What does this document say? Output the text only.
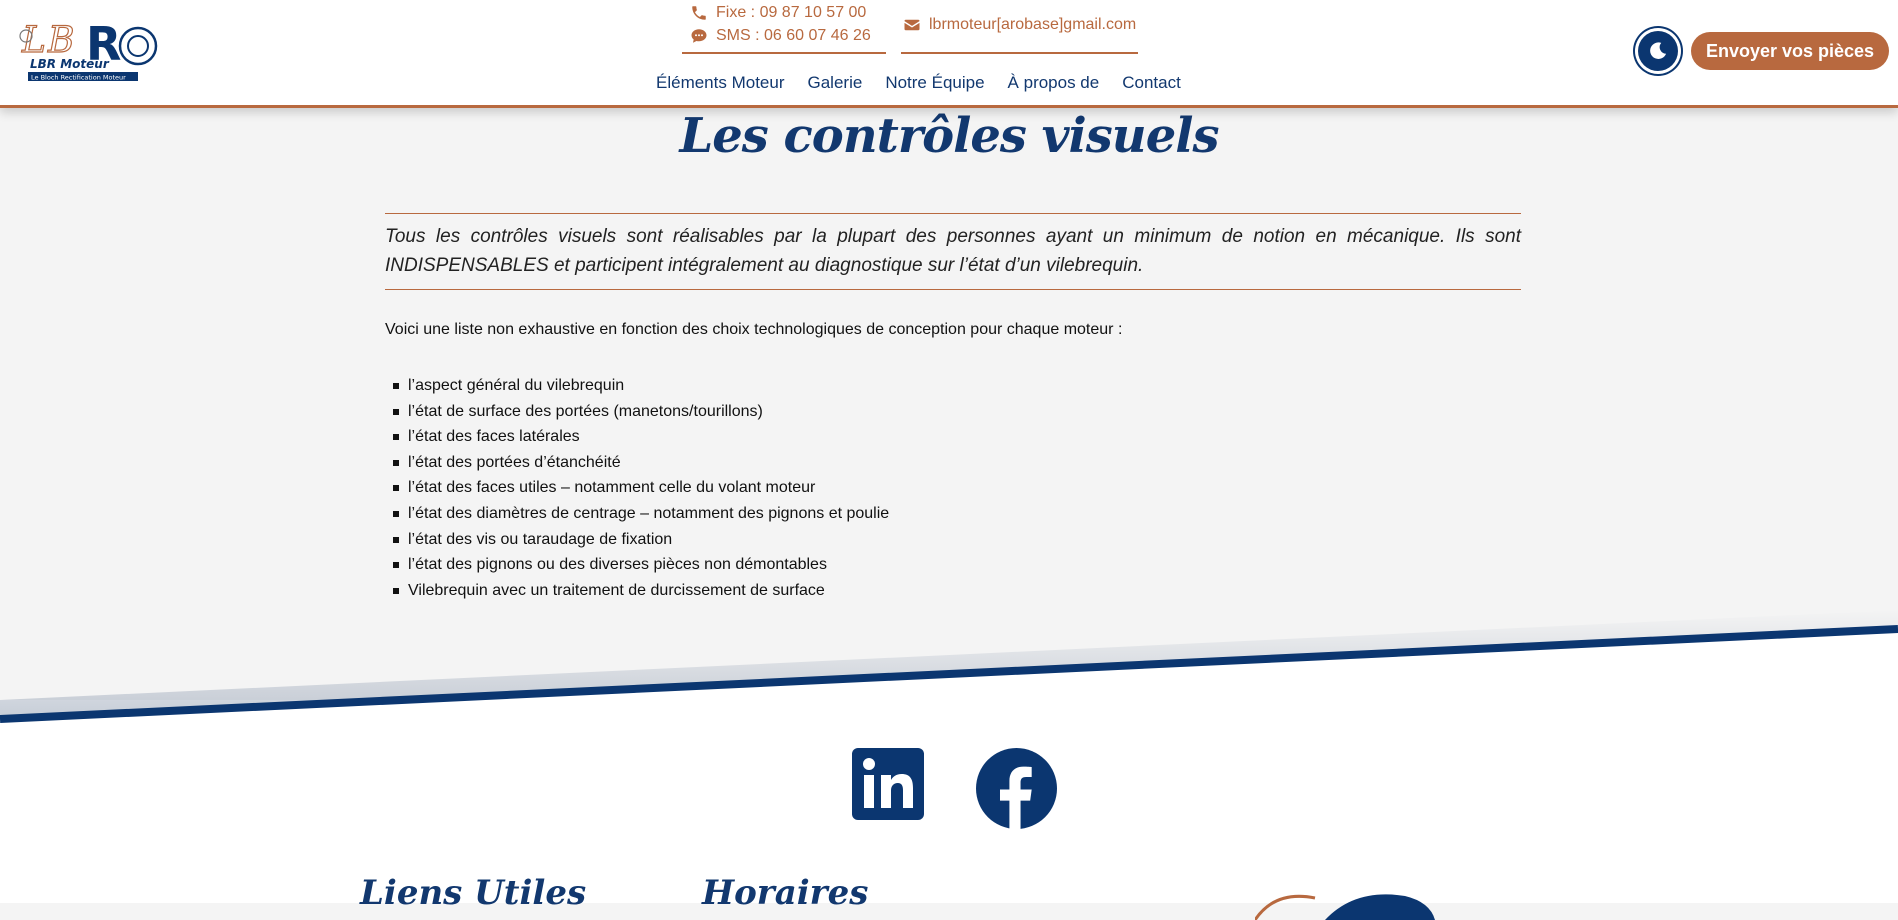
L B R
LBR Moteur
Le Bloch Rectification Moteur
Fixe : 09 87 10 57 00
SMS : 06 60 07 46 26
lbrmoteur[arobase]gmail.com
Éléments Moteur Galerie Notre Équipe À propos de Contact
Envoyer vos pièces
Les contrôles visuels
Tous les contrôles visuels sont réalisables par la plupart des personnes ayant un minimum de notion en mécanique. Ils sont INDISPENSABLES et participent intégralement au diagnostique sur l’état d’un vilebrequin.
Voici une liste non exhaustive en fonction des choix technologiques de conception pour chaque moteur :
l’aspect général du vilebrequin
l’état de surface des portées (manetons/tourillons)
l’état des faces latérales
l’état des portées d’étanchéité
l’état des faces utiles – notamment celle du volant moteur
l’état des diamètres de centrage – notamment des pignons et poulie
l’état des vis ou taraudage de fixation
l’état des pignons ou des diverses pièces non démontables
Vilebrequin avec un traitement de durcissement de surface
Liens Utiles	Horaires
